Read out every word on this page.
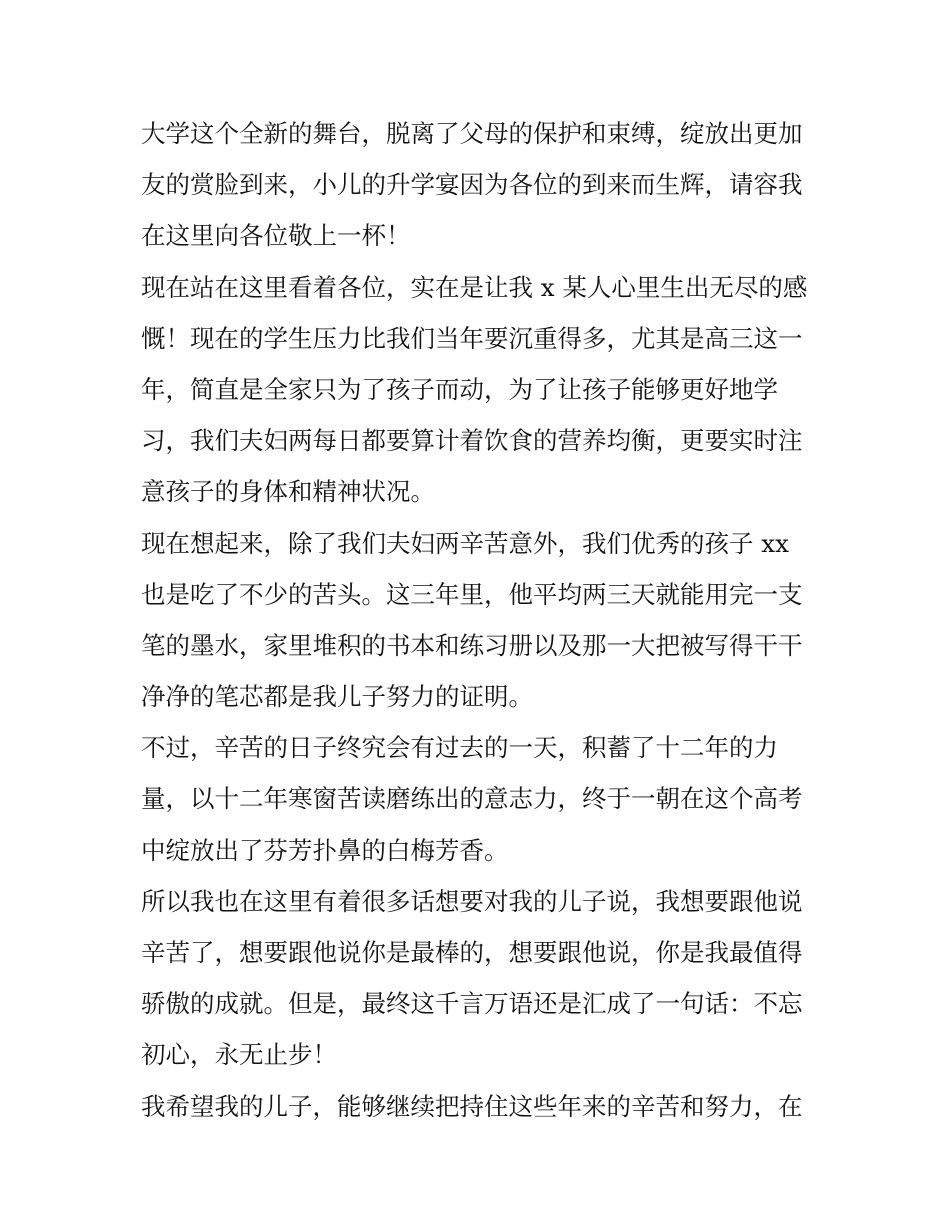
大学这个全新的舞台，脱离了父母的保护和束缚，绽放出更加
友的赏脸到来，小儿的升学宴因为各位的到来而生辉，请容我
在这里向各位敬上一杯！
现在站在这里看着各位，实在是让我 x 某人心里生出无尽的感
慨！现在的学生压力比我们当年要沉重得多，尤其是高三这一
年，简直是全家只为了孩子而动，为了让孩子能够更好地学
习，我们夫妇两每日都要算计着饮食的营养均衡，更要实时注
意孩子的身体和精神状况。
现在想起来，除了我们夫妇两辛苦意外，我们优秀的孩子 xx
也是吃了不少的苦头。这三年里，他平均两三天就能用完一支
笔的墨水，家里堆积的书本和练习册以及那一大把被写得干干
净净的笔芯都是我儿子努力的证明。
不过，辛苦的日子终究会有过去的一天，积蓄了十二年的力
量，以十二年寒窗苦读磨练出的意志力，终于一朝在这个高考
中绽放出了芬芳扑鼻的白梅芳香。
所以我也在这里有着很多话想要对我的儿子说，我想要跟他说
辛苦了，想要跟他说你是最棒的，想要跟他说，你是我最值得
骄傲的成就。但是，最终这千言万语还是汇成了一句话：不忘
初心，永无止步！
我希望我的儿子，能够继续把持住这些年来的辛苦和努力，在
